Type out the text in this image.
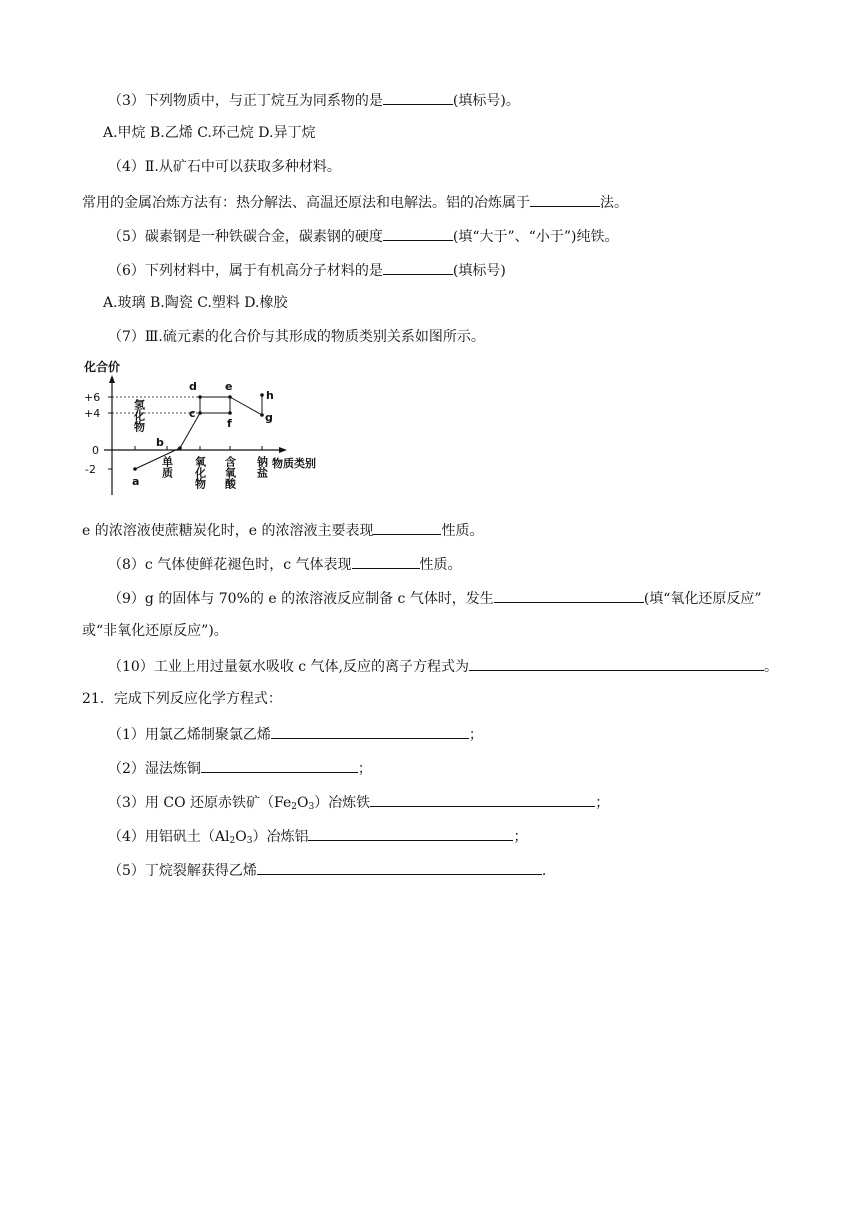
（3）下列物质中，与正丁烷互为同系物的是	(填标号)。
A.甲烷 B.乙烯 C.环己烷 D.异丁烷
（4）Ⅱ.从矿石中可以获取多种材料。
常用的金属冶炼方法有：热分解法、高温还原法和电解法。铝的冶炼属于	法。
（5）碳素钢是一种铁碳合金，碳素钢的硬度	(填“大于”、“小于”)纯铁。
（6）下列材料中，属于有机高分子材料的是	(填标号)
A.玻璃 B.陶瓷 C.塑料 D.橡胶
（7）Ⅲ.硫元素的化合价与其形成的物质类别关系如图所示。
化合价
物质类别
+6
+4
0
-2
氢化物
单质 氧化物 含氧酸 钠盐
a
b
c
d	e
f	g
h
e 的浓溶液使蔗糖炭化时，e 的浓溶液主要表现	性质。
（8）c 气体使鲜花褪色时，c 气体表现	性质。
（9）g 的固体与 70%的 e 的浓溶液反应制备 c 气体时，发生	(填“氧化还原反应”
或“非氧化还原反应”)。
（10）工业上用过量氨水吸收 c 气体,反应的离子方程式为	。
21．完成下列反应化学方程式：
（1）用氯乙烯制聚氯乙烯	；
（2）湿法炼铜	；
（3）用 CO 还原赤铁矿$(Fe_2O_3)$冶炼铁	；
（4）用铝矾土$(Al_2O_3)$冶炼铝	；
（5）丁烷裂解获得乙烯	.
